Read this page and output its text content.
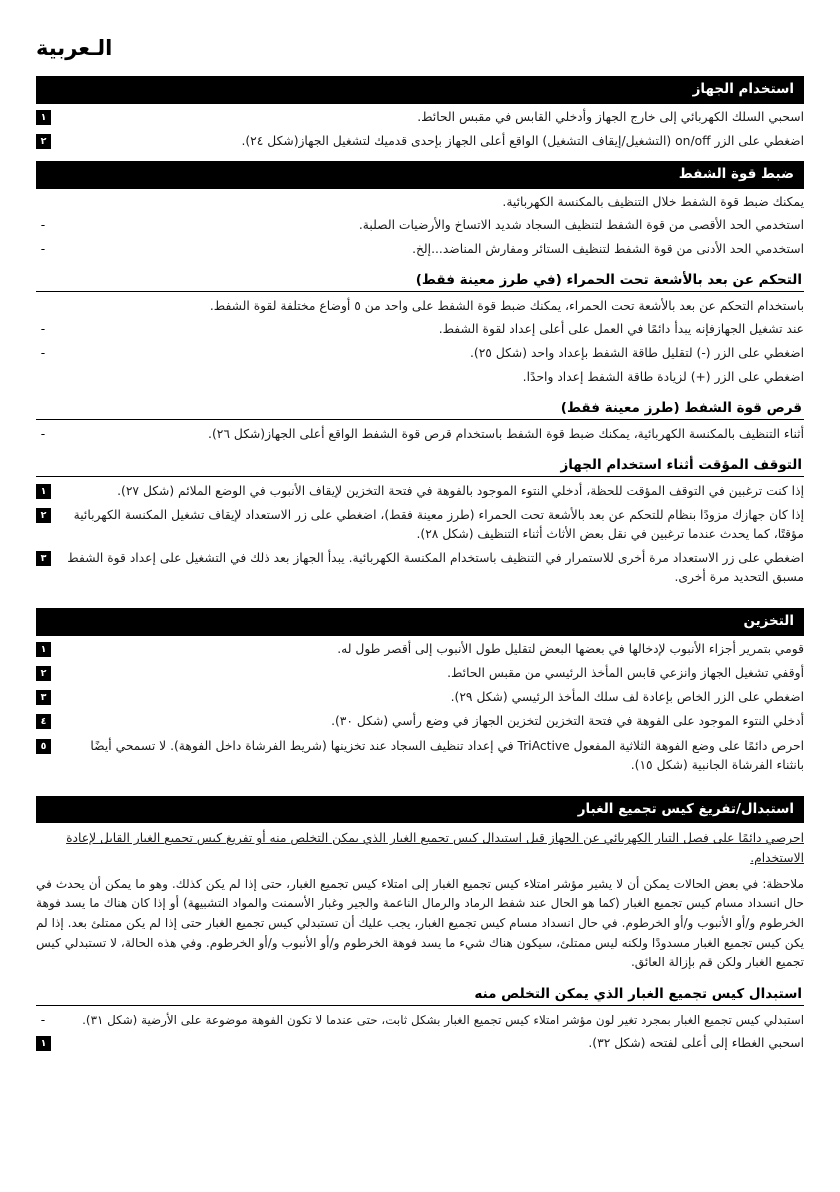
الـعربية
استخدام الجهاز
١	اسحبي السلك الكهربائي إلى خارج الجهاز وأدخلي القابس في مقبس الحائط.
٢	اضغطي على الزر on/off (التشغيل/إيقاف التشغيل) الواقع أعلى الجهاز بإحدى قدميك لتشغيل الجهاز(شكل ٢٤).
ضبط قوة الشفط
يمكنك ضبط قوة الشفط خلال التنظيف بالمكنسة الكهربائية.
-	استخدمي الحد الأقصى من قوة الشفط لتنظيف السجاد شديد الاتساخ والأرضيات الصلبة.
-	استخدمي الحد الأدنى من قوة الشفط لتنظيف الستائر ومفارش المناضد...إلخ.
التحكم عن بعد بالأشعة تحت الحمراء (في طرز معينة فقط)
باستخدام التحكم عن بعد بالأشعة تحت الحمراء، يمكنك ضبط قوة الشفط على واحد من ٥ أوضاع مختلفة لقوة الشفط.
-	عند تشغيل الجهازفإنه يبدأ دائمًا في العمل على أعلى إعداد لقوة الشفط.
-	اضغطي على الزر (-) لتقليل طاقة الشفط بإعداد واحد (شكل ٢٥).
اضغطي على الزر (+) لزيادة طاقة الشفط إعداد واحدًا.
قرص قوة الشفط (طرز معينة فقط)
-	أثناء التنظيف بالمكنسة الكهربائية، يمكنك ضبط قوة الشفط باستخدام قرص قوة الشفط الواقع أعلى الجهاز(شكل ٢٦).
التوقف المؤقت أثناء استخدام الجهاز
١	إذا كنت ترغبين في التوقف المؤقت للحظة، أدخلي النتوء الموجود بالفوهة في فتحة التخزين لإيقاف الأنبوب في الوضع الملائم (شكل ٢٧).
٢	إذا كان جهازك مزودًا بنظام للتحكم عن بعد بالأشعة تحت الحمراء (طرز معينة فقط)، اضغطي على زر الاستعداد لإيقاف تشغيل المكنسة الكهربائية مؤقتًا، كما يحدث عندما ترغبين في نقل بعض الأثاث أثناء التنظيف (شكل ٢٨).
٣	اضغطي على زر الاستعداد مرة أخرى للاستمرار في التنظيف باستخدام المكنسة الكهربائية. يبدأ الجهاز بعد ذلك في التشغيل على إعداد قوة الشفط مسبق التحديد مرة أخرى.
التخزين
١	قومي بتمرير أجزاء الأنبوب لإدخالها في بعضها البعض لتقليل طول الأنبوب إلى أقصر طول له.
٢	أوقفي تشغيل الجهاز وانزعي قابس المأخذ الرئيسي من مقبس الحائط.
٣	اضغطي على الزر الخاص بإعادة لف سلك المأخذ الرئيسي (شكل ٢٩).
٤	أدخلي النتوء الموجود على الفوهة في فتحة التخزين لتخزين الجهاز في وضع رأسي (شكل ٣٠).
٥	احرص دائمًا على وضع الفوهة الثلاثية المفعول TriActive في إعداد تنظيف السجاد عند تخزينها (شريط الفرشاة داخل الفوهة). لا تسمحي أيضًا بانثناء الفرشاة الجانبية (شكل ١٥).
استبدال/تفريغ كيس تجميع الغبار
احرصي دائمًا على فصل التيار الكهربائي عن الجهاز قبل استبدال كيس تجميع الغبار الذي يمكن التخلص منه أو تفريغ كيس تجميع الغبار القابل لإعادة الاستخدام.
ملاحظة: في بعض الحالات يمكن أن ﻻ يشير مؤشر امتلاء كيس تجميع الغبار إلى امتلاء كيس تجميع الغبار، حتى إذا لم يكن كذلك. وهو ما يمكن أن يحدث في حال انسداد مسام كيس تجميع الغبار (كما هو الحال عند شفط الرماد والرمال الناعمة والجير وغبار الأسمنت والمواد التشبيهة) أو إذا كان هناك ما يسد فوهة الخرطوم و/أو الأنبوب و/أو الخرطوم. في حال انسداد مسام كيس تجميع الغبار، يجب عليك أن تستبدلي كيس تجميع الغبار حتى إذا لم يكن ممتلئ بعد. إذا لم يكن كيس تجميع الغبار مسدودًا ولكنه ليس ممتلئ، سيكون هناك شيء ما يسد فوهة الخرطوم و/أو الأنبوب و/أو الخرطوم. وفي هذه الحالة، لا تستبدلي كيس تجميع الغبار ولكن قم بإزالة العائق.
استبدال كيس تجميع الغبار الذي يمكن التخلص منه
-	استبدلي كيس تجميع الغبار بمجرد تغير لون مؤشر امتلاء كيس تجميع الغبار بشكل ثابت، حتى عندما لا تكون الفوهة موضوعة على الأرضية (شكل ٣١).
١	اسحبي الغطاء إلى أعلى لفتحه (شكل ٣٢).
